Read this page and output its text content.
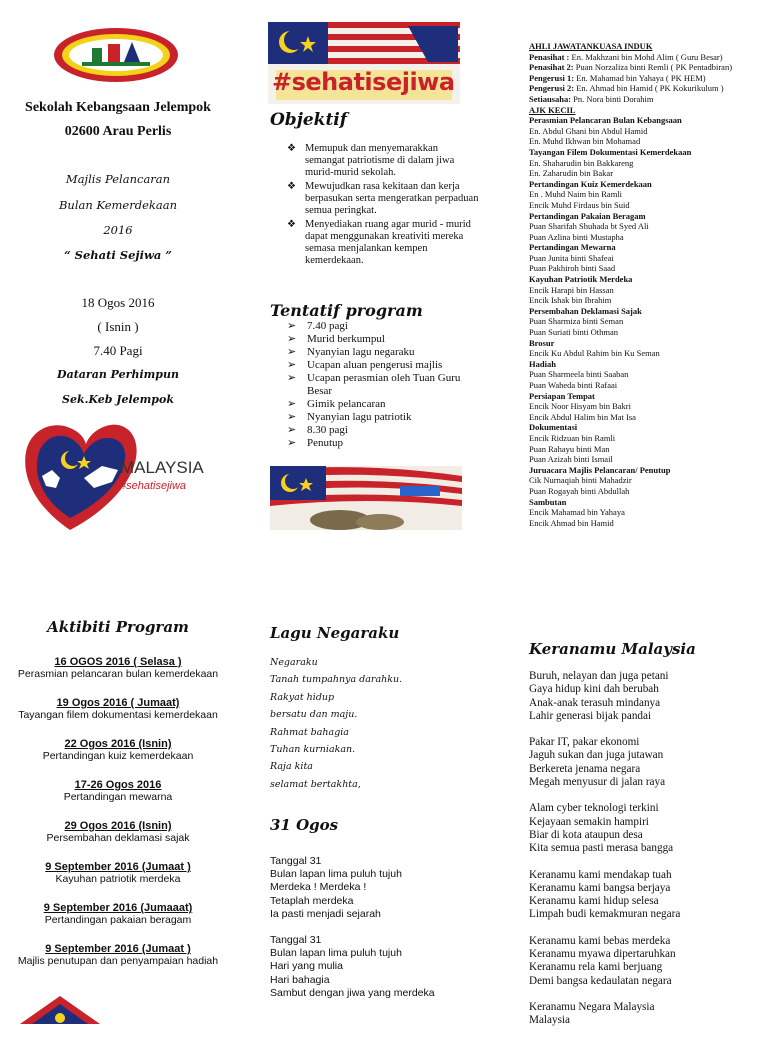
Sekolah Kebangsaan Jelempok
02600 Arau Perlis
Majlis Pelancaran
Bulan Kemerdekaan
2016
“ Sehati Sejiwa ”
18 Ogos 2016
( Isnin )
7.40 Pagi
Dataran Perhimpun
Sek.Keb Jelempok
MALAYSIA
#sehatisejiwa
#sehatisejiwa
Objektif
❖ Memupuk dan menyemarakkan semangat patriotisme di dalam jiwa murid-murid sekolah.
❖ Mewujudkan rasa kekitaan dan kerja berpasukan serta mengeratkan perpaduan semua peringkat.
❖ Menyediakan ruang agar murid - murid dapat menggunakan kreativiti mereka semasa menjalankan kempen kemerdekaan.
Tentatif program
➢ 7.40 pagi
➢ Murid berkumpul
➢ Nyanyian lagu negaraku
➢ Ucapan aluan pengerusi majlis
➢ Ucapan perasmian oleh Tuan Guru Besar
➢ Gimik pelancaran
➢ Nyanyian lagu patriotik
➢ 8.30 pagi
➢ Penutup
AHLI JAWATANKUASA INDUK
Penasihat : En. Makhzani bin Mohd Alim ( Guru Besar)
Penasihat 2: Puan Norzaliza binti Remli ( PK Pentadbiran)
Pengerusi 1: En. Mahamad bin Yahaya ( PK HEM)
Pengerusi 2: En. Ahmad bin Hamid ( PK Kokurikulum )
Setiausaha: Pn. Nora binti Dorahim
AJK KECIL
Perasmian Pelancaran Bulan Kebangsaan
En. Abdul Ghani bin Abdul Hamid
En. Muhd Ikhwan bin Mohamad
Tayangan Filem Dokumentasi Kemerdekaan
En. Shaharudin bin Bakkareng
En. Zaharudin bin Bakar
Pertandingan Kuiz Kemerdekaan
En . Muhd Naim bin Ramli
Encik Muhd Firdaus bin Suid
Pertandingan Pakaian Beragam
Puan Sharifah Shuhada bt Syed Ali
Puan Azlina binti Mustapha
Pertandingan Mewarna
Puan Junita binti Shafeai
Puan Pakhiroh binti Saad
Kayuhan Patriotik Merdeka
Encik Harapi bin Hassan
Encik Ishak bin Ibrahim
Persembahan Deklamasi Sajak
Puan Sharmiza binti Seman
Puan Suriati binti Othman
Brosur
Encik Ku Abdul Rahim bin Ku Seman
Hadiah
Puan Sharmeela binti Saaban
Puan Waheda binti Rafaai
Persiapan Tempat
Encik Noor Hisyam bin Bakri
Encik Abdul Halim bin Mat Isa
Dokumentasi
Encik Ridzuan bin Ramli
Puan Rahayu binti Man
Puan Azizah binti Ismail
Juruacara Majlis Pelancaran/ Penutup
Cik Nurnaqiah binti Mahadzir
Puan Rogayah binti Abdullah
Sambutan
Encik Mahamad bin Yahaya
Encik Ahmad bin Hamid
Aktibiti Program
16 OGOS 2016 ( Selasa )
Perasmian pelancaran bulan kemerdekaan
19 Ogos 2016 ( Jumaat)
Tayangan filem dokumentasi kemerdekaan
22 Ogos 2016 (Isnin)
Pertandingan kuiz kemerdekaan
17-26 Ogos 2016
Pertandingan mewarna
29 Ogos 2016 (Isnin)
Persembahan deklamasi sajak
9 September 2016 (Jumaat )
Kayuhan patriotik merdeka
9 September 2016 (Jumaaat)
Pertandingan pakaian beragam
9 September 2016 (Jumaat )
Majlis penutupan dan penyampaian hadiah
Lagu Negaraku
Negaraku
Tanah tumpahnya darahku.
Rakyat hidup
bersatu dan maju.
Rahmat bahagia
Tuhan kurniakan.
Raja kita
selamat bertakhta,
31 Ogos
Tanggal 31
Bulan lapan lima puluh tujuh
Merdeka ! Merdeka !
Tetaplah merdeka
Ia pasti menjadi sejarah
Tanggal 31
Bulan lapan lima puluh tujuh
Hari yang mulia
Hari bahagia
Sambut dengan jiwa yang merdeka
Keranamu Malaysia
Buruh, nelayan dan juga petani
Gaya hidup kini dah berubah
Anak-anak terasuh mindanya
Lahir generasi bijak pandai
Pakar IT, pakar ekonomi
Jaguh sukan dan juga jutawan
Berkereta jenama negara
Megah menyusur di jalan raya
Alam cyber teknologi terkini
Kejayaan semakin hampiri
Biar di kota ataupun desa
Kita semua pasti merasa bangga
Keranamu kami mendakap tuah
Keranamu kami bangsa berjaya
Keranamu kami hidup selesa
Limpah budi kemakmuran negara
Keranamu kami bebas merdeka
Keranamu myawa dipertaruhkan
Keranamu rela kami berjuang
Demi bangsa kedaulatan negara
Keranamu Negara Malaysia
Malaysia
